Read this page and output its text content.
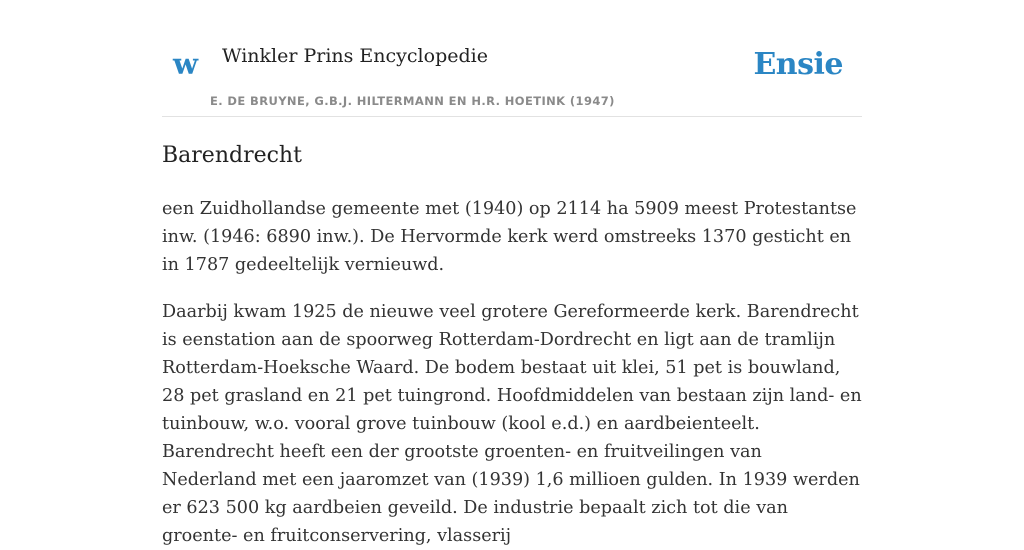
w Winkler Prins Encyclopedie
E. DE BRUYNE, G.B.J. HILTERMANN EN H.R. HOETINK (1947)
Ensie
Barendrecht

een Zuidhollandse gemeente met (1940) op 2114 ha 5909 meest Protestantse inw. (1946: 6890 inw.). De Hervormde kerk werd omstreeks 1370 gesticht en in 1787 gedeeltelijk vernieuwd.

Daarbij kwam 1925 de nieuwe veel grotere Gereformeerde kerk. Barendrecht is eenstation aan de spoorweg Rotterdam-Dordrecht en ligt aan de tramlijn Rotterdam-Hoeksche Waard. De bodem bestaat uit klei, 51 pet is bouwland, 28 pet grasland en 21 pet tuingrond. Hoofdmiddelen van bestaan zijn land- en tuinbouw, w.o. vooral grove tuinbouw (kool e.d.) en aardbeienteelt. Barendrecht heeft een der grootste groenten- en fruitveilingen van Nederland met een jaaromzet van (1939) 1,6 millioen gulden. In 1939 werden er 623 500 kg aardbeien geveild. De industrie bepaalt zich tot die van groente- en fruitconservering, vlasserij
